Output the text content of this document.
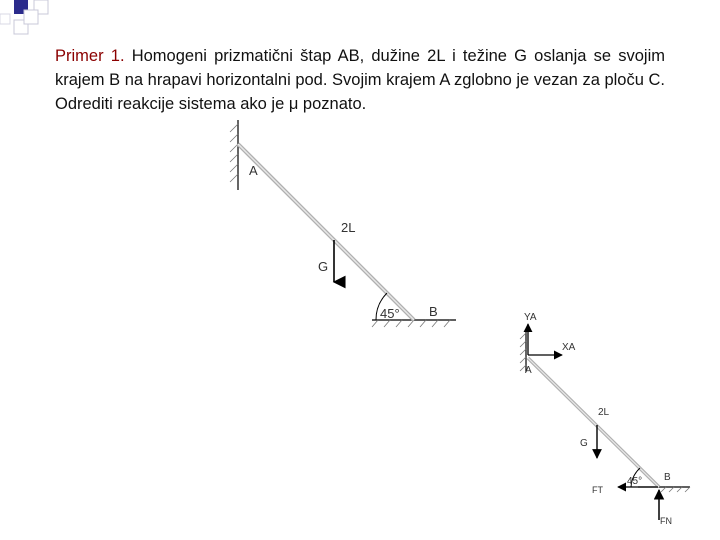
Primer 1. Homogeni prizmatični štap AB, dužine 2L i težine G oslanja se svojim krajem B na hrapavi horizontalni pod. Svojim krajem A zglobno je vezan za ploču C. Odrediti reakcije sistema ako je μ poznato.

A
2L
G
45° B	YA
XA
A
2L
G
45° B
FT
FN
